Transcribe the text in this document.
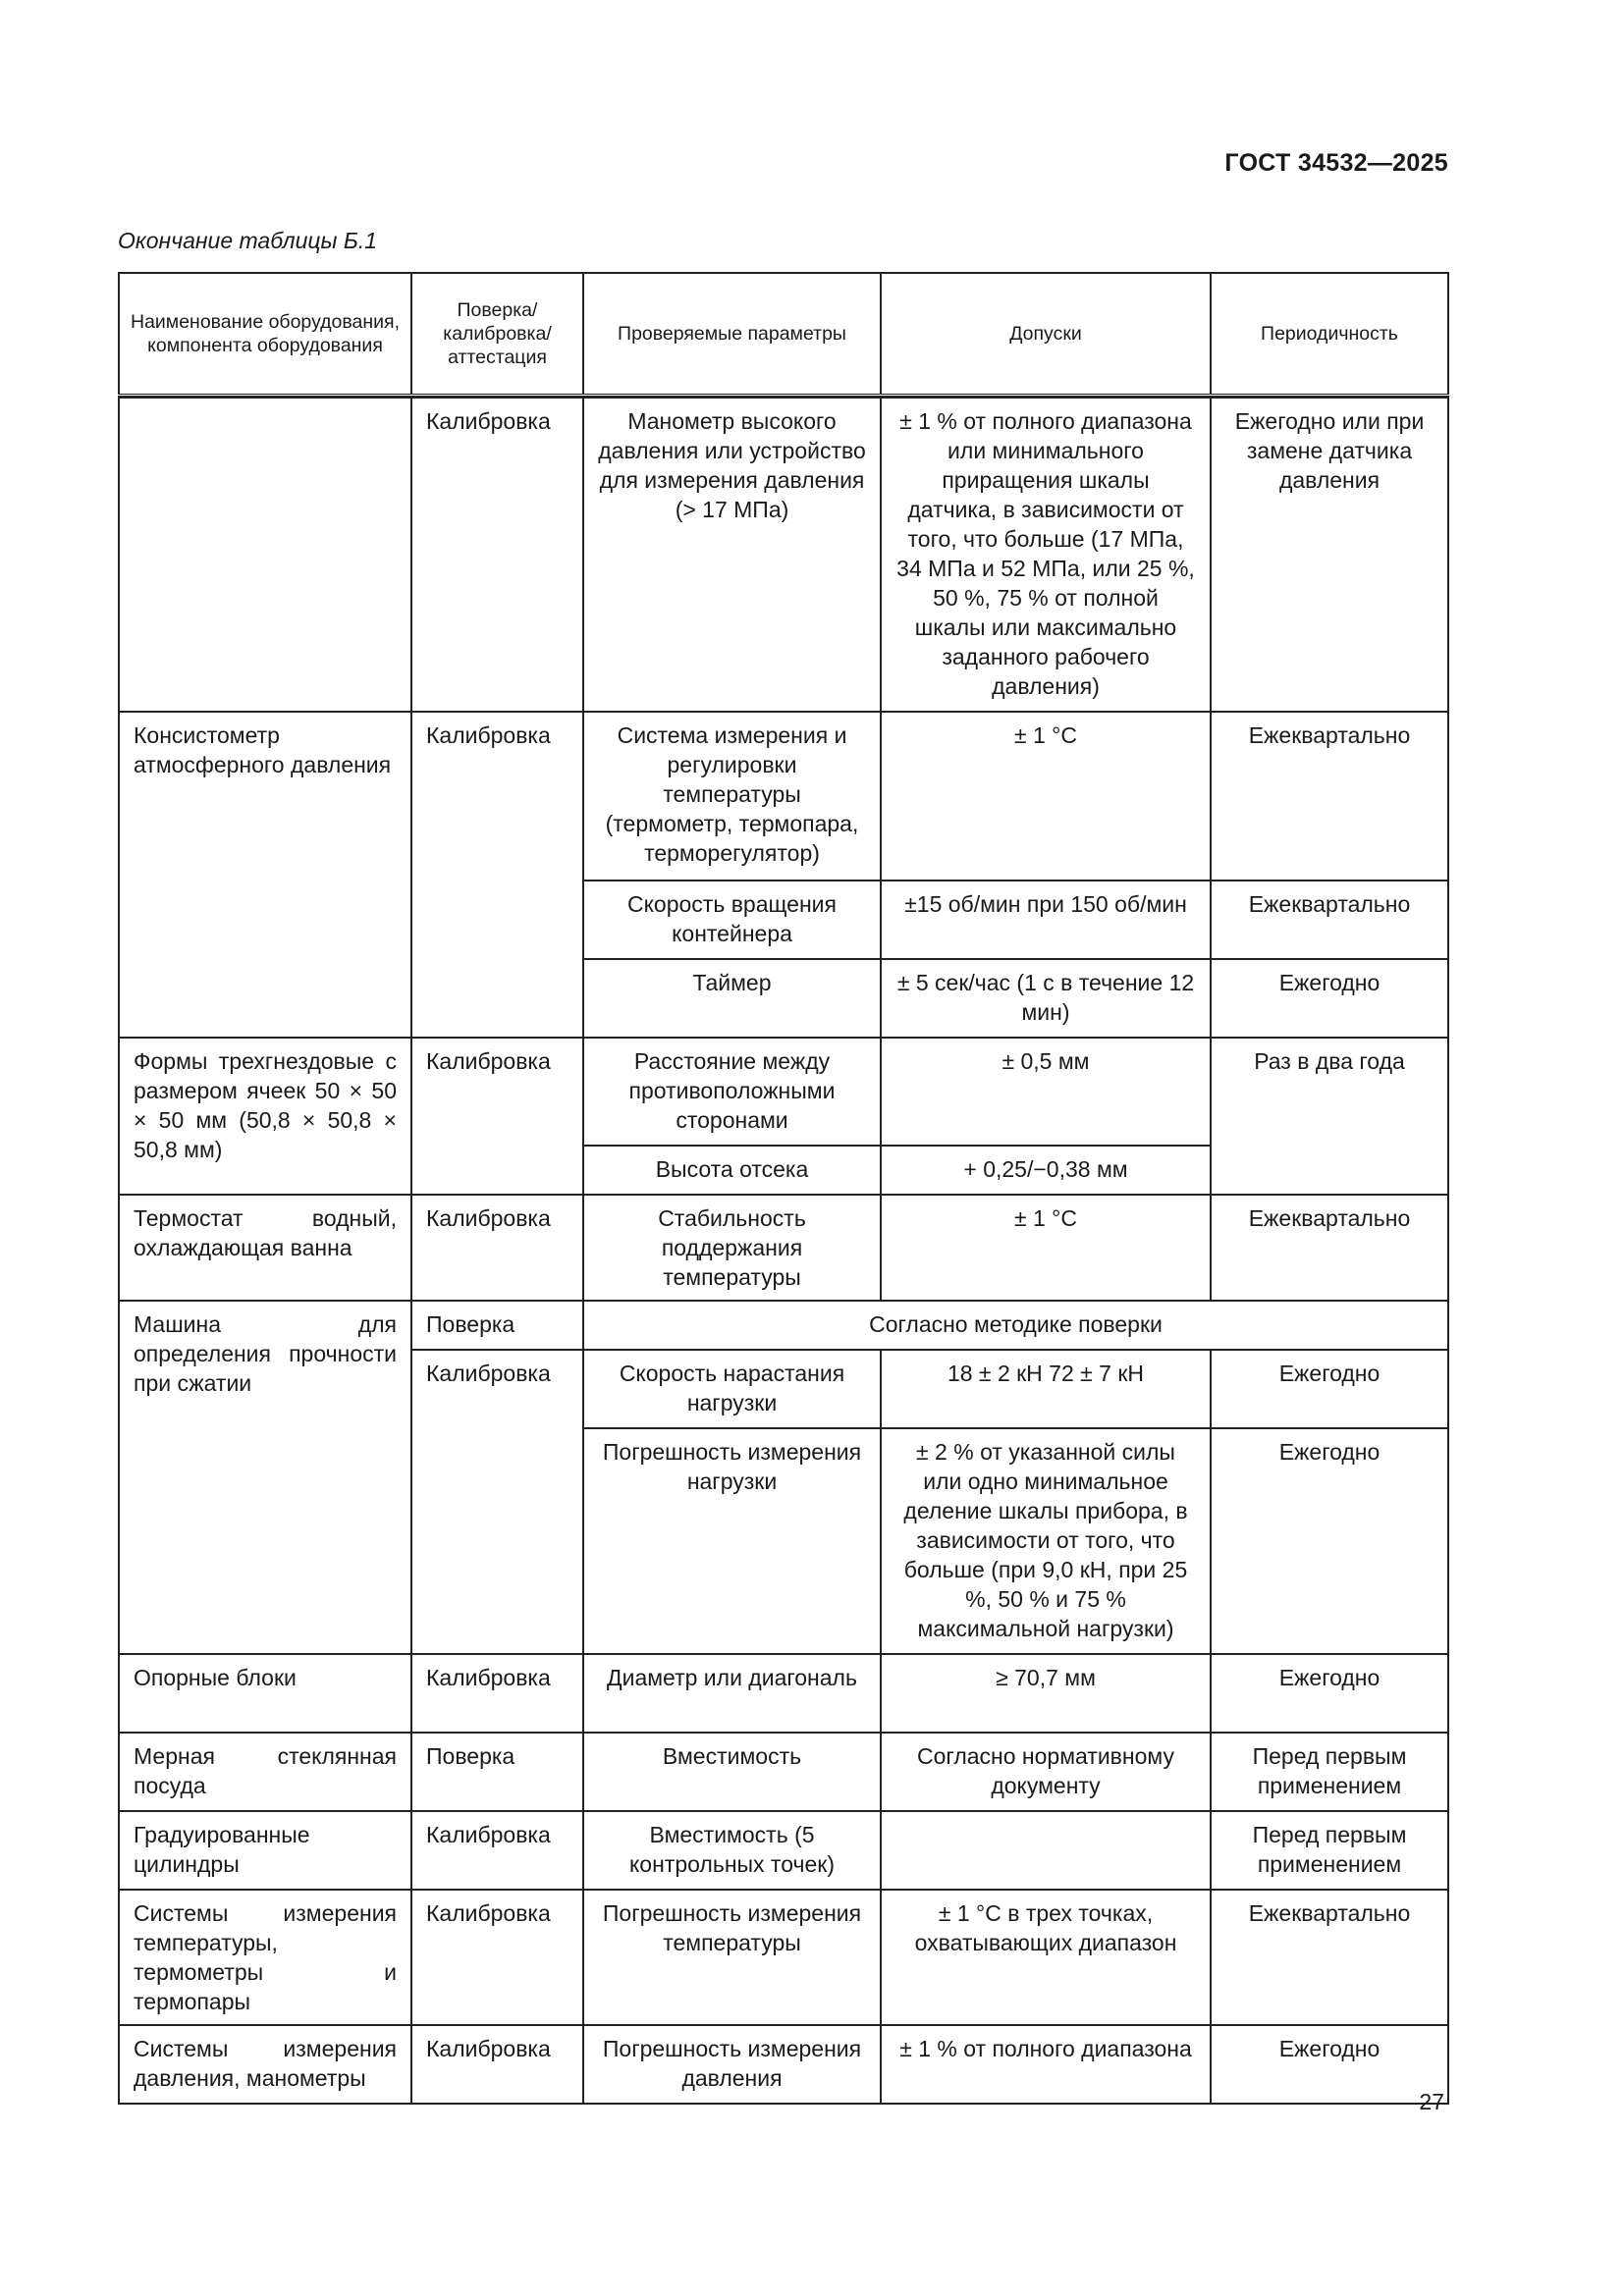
ГОСТ 34532—2025
Окончание таблицы Б.1
Наименование оборудования, компонента оборудования	Поверка/ калибровка/ аттестация	Проверяемые параметры	Допуски	Периодичность

	Калибровка	Манометр высокого давления или устройство для измерения давления (> 17 МПа)	± 1 % от полного диапазона или минимального приращения шкалы датчика, в зависимости от того, что больше (17 МПа, 34 МПа и 52 МПа, или 25 %, 50 %, 75 % от полной шкалы или максимально заданного рабочего давления)	Ежегодно или при замене датчика давления
Консистометр атмосферного давления	Калибровка	Система измерения и регулировки температуры (термометр, термопара, терморегулятор)	± 1 °С	Ежеквартально
		Скорость вращения контейнера	±15 об/мин при 150 об/мин	Ежеквартально
		Таймер	± 5 сек/час (1 с в течение 12 мин)	Ежегодно
Формы трехгнездовые с размером ячеек 50 × 50 × 50 мм (50,8 × 50,8 × 50,8 мм)	Калибровка	Расстояние между противоположными сторонами	± 0,5 мм	Раз в два года
		Высота отсека	+ 0,25/−0,38 мм	
Термостат водный, охлаждающая ванна	Калибровка	Стабильность поддержания температуры	± 1 °С	Ежеквартально
Машина для определения прочности при сжатии	Поверка	Согласно методике поверки		
	Калибровка	Скорость нарастания нагрузки	18 ± 2 кН 72 ± 7 кН	Ежегодно
		Погрешность измерения нагрузки	± 2 % от указанной силы или одно минимальное деление шкалы прибора, в зависимости от того, что больше (при 9,0 кН, при 25 %, 50 % и 75 % максимальной нагрузки)	Ежегодно
Опорные блоки	Калибровка	Диаметр или диагональ	≥ 70,7 мм	Ежегодно
Мерная стеклянная посуда	Поверка	Вместимость	Согласно нормативному документу	Перед первым применением
Градуированные цилиндры	Калибровка	Вместимость (5 контрольных точек)		Перед первым применением
Системы измерения температуры, термометры и термопары	Калибровка	Погрешность измерения температуры	± 1 °С в трех точках, охватывающих диапазон	Ежеквартально
Системы измерения давления, манометры	Калибровка	Погрешность измерения давления	± 1 % от полного диапазона	Ежегодно
27
